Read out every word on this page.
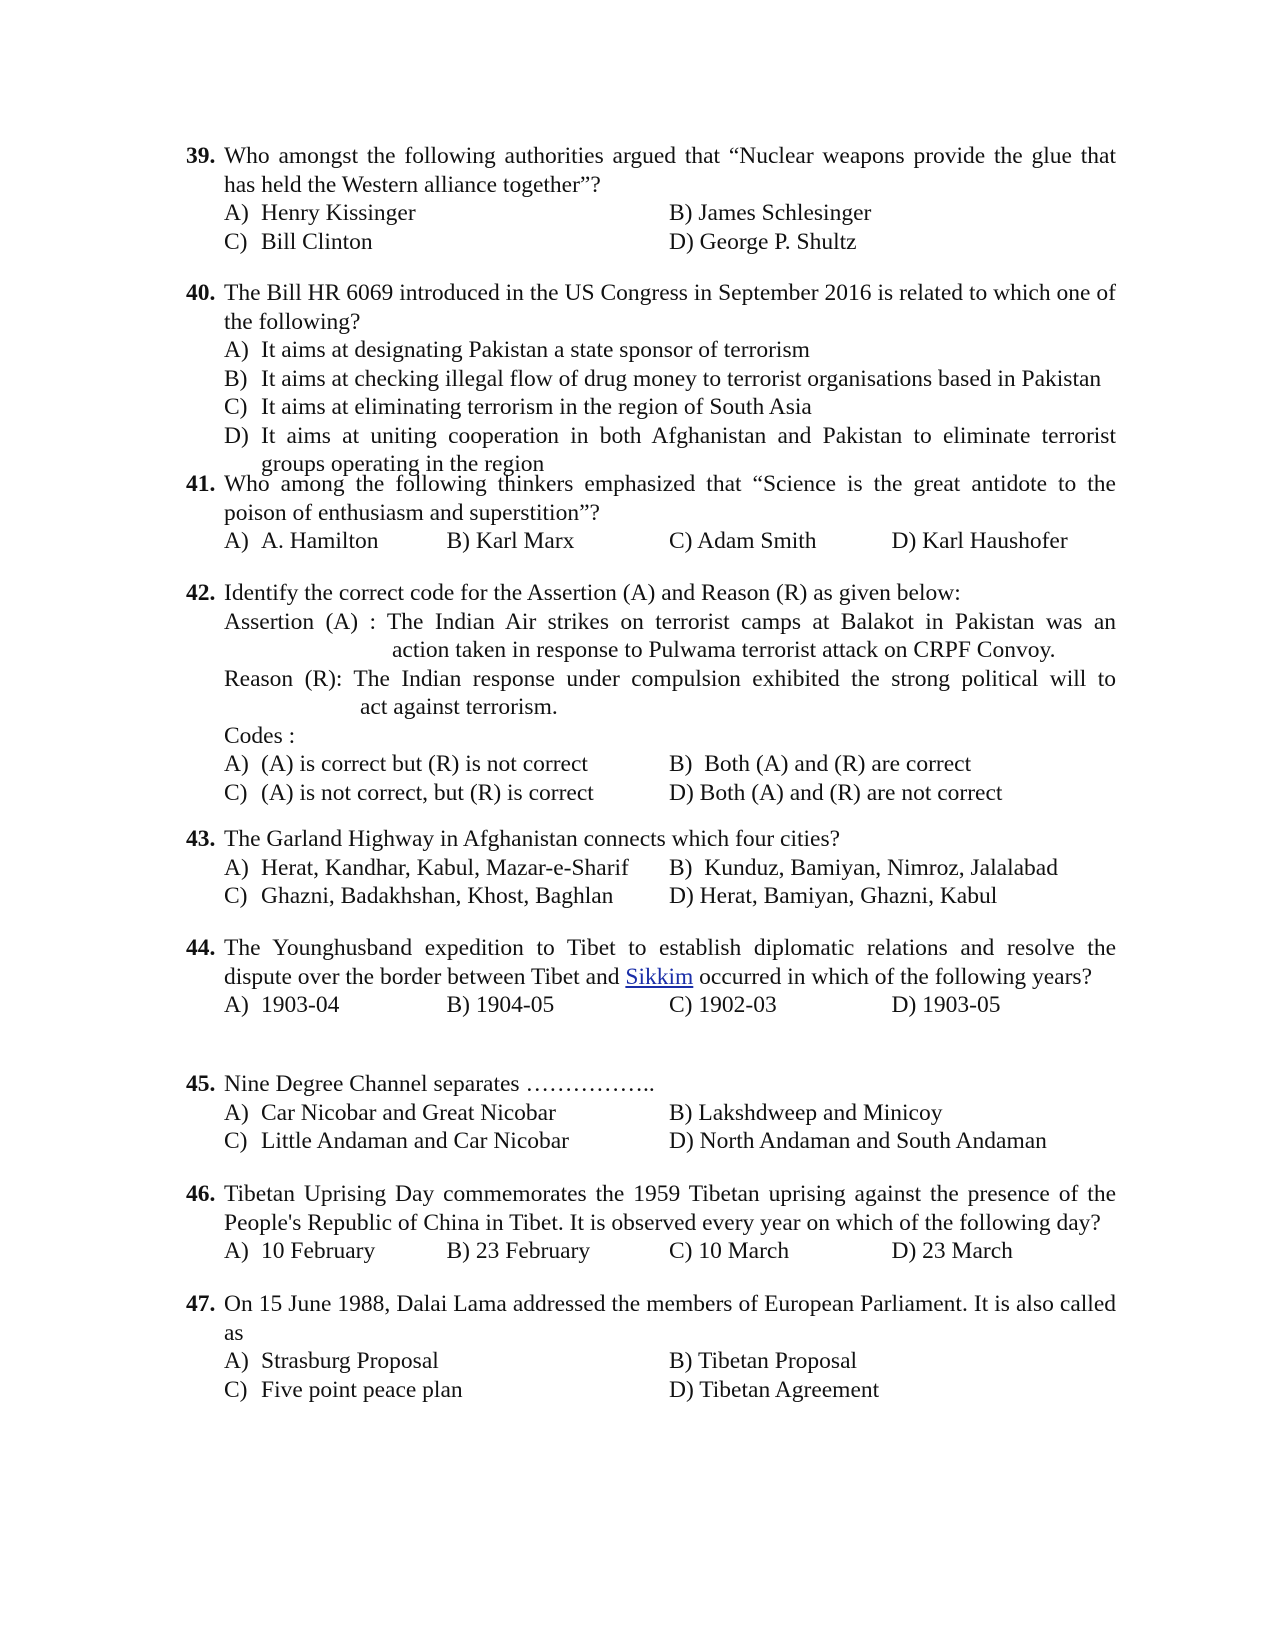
39. Who amongst the following authorities argued that “Nuclear weapons provide the glue that has held the Western alliance together”?
A) Henry Kissinger	B) James Schlesinger
C) Bill Clinton	D) George P. Shultz
40. The Bill HR 6069 introduced in the US Congress in September 2016 is related to which one of the following?
A) It aims at designating Pakistan a state sponsor of terrorism
B) It aims at checking illegal flow of drug money to terrorist organisations based in Pakistan
C) It aims at eliminating terrorism in the region of South Asia
D) It aims at uniting cooperation in both Afghanistan and Pakistan to eliminate terrorist groups operating in the region
41. Who among the following thinkers emphasized that “Science is the great antidote to the poison of enthusiasm and superstition”?
A) A. Hamilton	B) Karl Marx	C) Adam Smith	D) Karl Haushofer
42. Identify the correct code for the Assertion (A) and Reason (R) as given below:
Assertion (A) : The Indian Air strikes on terrorist camps at Balakot in Pakistan was an
action taken in response to Pulwama terrorist attack on CRPF Convoy.
Reason (R): The Indian response under compulsion exhibited the strong political will to
act against terrorism.
Codes :
A) (A) is correct but (R) is not correct	B) Both (A) and (R) are correct
C) (A) is not correct, but (R) is correct	D) Both (A) and (R) are not correct
43. The Garland Highway in Afghanistan connects which four cities?
A) Herat, Kandhar, Kabul, Mazar-e-Sharif	B) Kunduz, Bamiyan, Nimroz, Jalalabad
C) Ghazni, Badakhshan, Khost, Baghlan	D) Herat, Bamiyan, Ghazni, Kabul
44. The Younghusband expedition to Tibet to establish diplomatic relations and resolve the dispute over the border between Tibet and Sikkim occurred in which of the following years?
A) 1903-04	B) 1904-05	C) 1902-03	D) 1903-05
45. Nine Degree Channel separates ……………..
A) Car Nicobar and Great Nicobar	B) Lakshdweep and Minicoy
C) Little Andaman and Car Nicobar	D) North Andaman and South Andaman
46. Tibetan Uprising Day commemorates the 1959 Tibetan uprising against the presence of the People's Republic of China in Tibet. It is observed every year on which of the following day?
A) 10 February	B) 23 February	C) 10 March	D) 23 March
47. On 15 June 1988, Dalai Lama addressed the members of European Parliament. It is also called as
A) Strasburg Proposal	B) Tibetan Proposal
C) Five point peace plan	D) Tibetan Agreement
